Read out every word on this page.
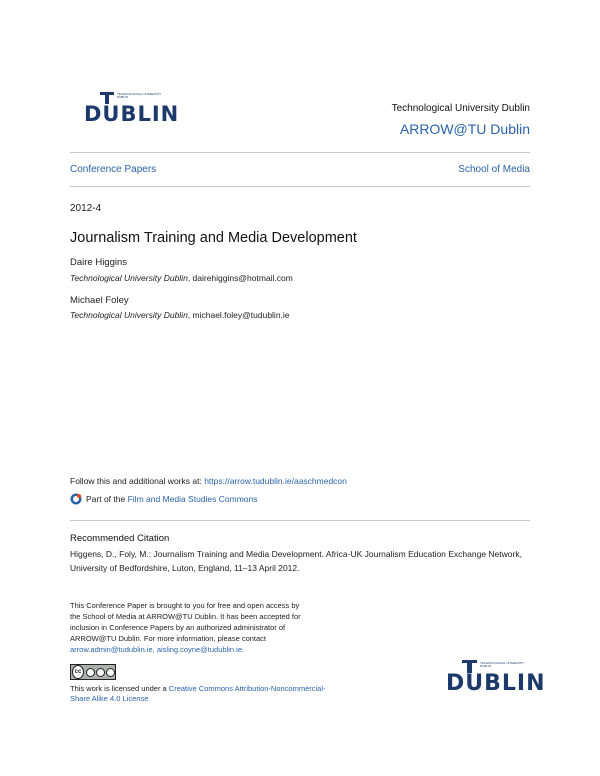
TECHNOLOGICAL UNIVERSITY DUBLIN
DUBLIN	Technological University Dublin
ARROW@TU Dublin
Conference Papers	School of Media
2012-4
Journalism Training and Media Development
Daire Higgins
Technological University Dublin, dairehiggins@hotmail.com
Michael Foley
Technological University Dublin, michael.foley@tudublin.ie
Follow this and additional works at: https://arrow.tudublin.ie/aaschmedcon
Part of the Film and Media Studies Commons
Recommended Citation
Higgens, D., Foly, M.: Journalism Training and Media Development. Africa-UK Journalism Education Exchange Network, University of Bedfordshire, Luton, England, 11–13 April 2012.
This Conference Paper is brought to you for free and open access by the School of Media at ARROW@TU Dublin. It has been accepted for inclusion in Conference Papers by an authorized administrator of ARROW@TU Dublin. For more information, please contact arrow.admin@tudublin.ie, aisling.coyne@tudublin.ie.
cc
This work is licensed under a Creative Commons Attribution-Noncommercial-Share Alike 4.0 License
TECHNOLOGICAL UNIVERSITY DUBLIN
DUBLIN
